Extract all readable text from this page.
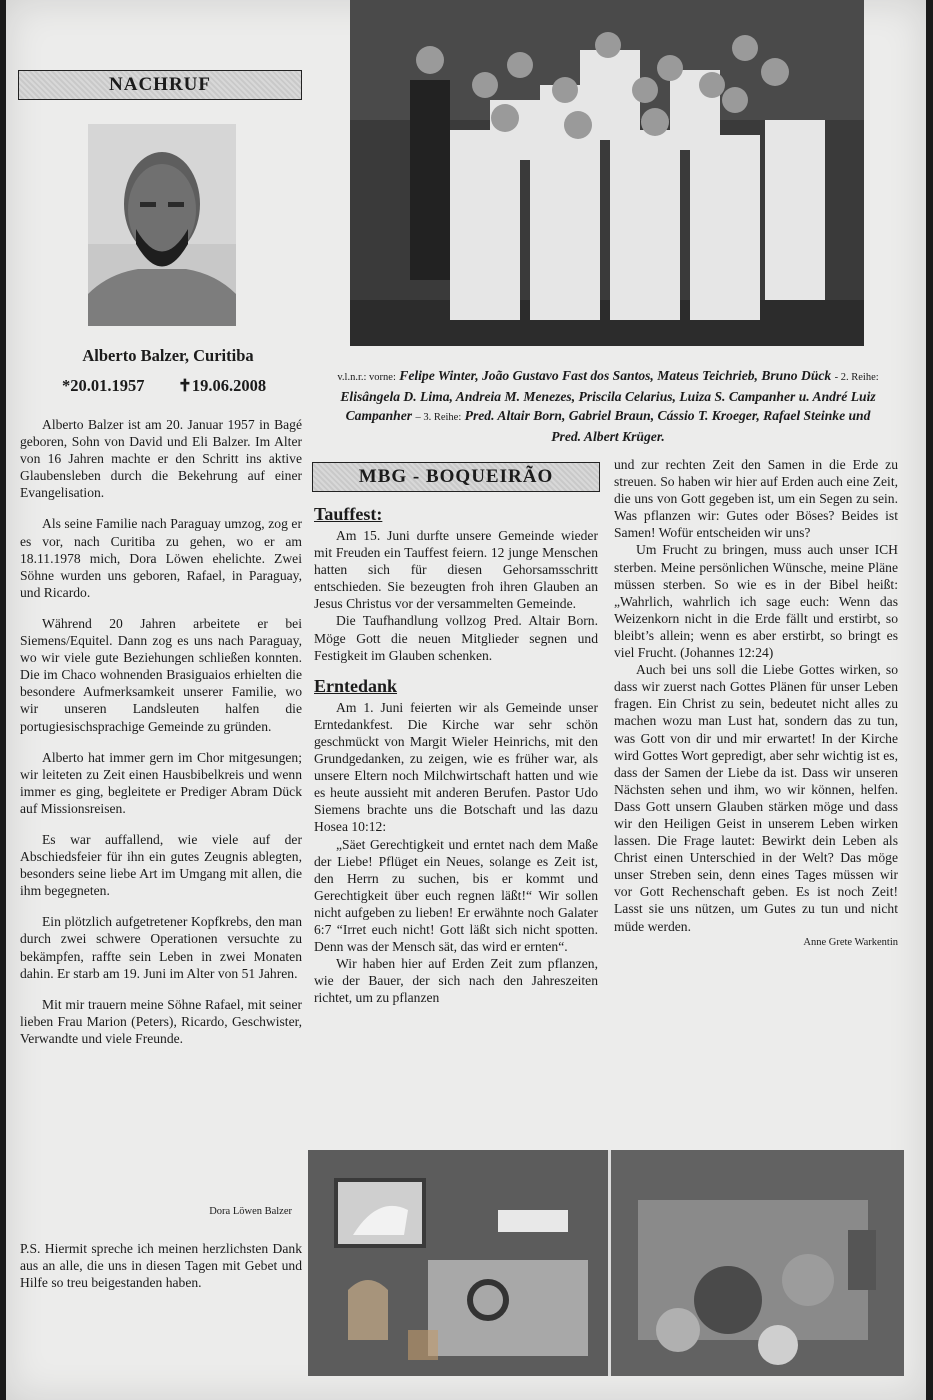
NACHRUF
Alberto Balzer, Curitiba
*20.01.1957 ✝19.06.2008

Alberto Balzer ist am 20. Januar 1957 in Bagé geboren, Sohn von David und Eli Balzer. Im Alter von 16 Jahren machte er den Schritt ins aktive Glaubensleben durch die Bekehrung auf einer Evangelisation.

Als seine Familie nach Paraguay umzog, zog er es vor, nach Curitiba zu gehen, wo er am 18.11.1978 mich, Dora Löwen ehelichte. Zwei Söhne wurden uns geboren, Rafael, in Paraguay, und Ricardo.

Während 20 Jahren arbeitete er bei Siemens/Equitel. Dann zog es uns nach Paraguay, wo wir viele gute Beziehungen schließen konnten. Die im Chaco wohnenden Brasiguaios erhielten die besondere Aufmerksamkeit unserer Familie, wo wir unseren Landsleuten halfen die portugiesischsprachige Gemeinde zu gründen.

Alberto hat immer gern im Chor mitgesungen; wir leiteten zu Zeit einen Hausbibelkreis und wenn immer es ging, begleitete er Prediger Abram Dück auf Missionsreisen.

Es war auffallend, wie viele auf der Abschiedsfeier für ihn ein gutes Zeugnis ablegten, besonders seine liebe Art im Umgang mit allen, die ihm begegneten.

Ein plötzlich aufgetretener Kopfkrebs, den man durch zwei schwere Operationen versuchte zu bekämpfen, raffte sein Leben in zwei Monaten dahin. Er starb am 19. Juni im Alter von 51 Jahren.

Mit mir trauern meine Söhne Rafael, mit seiner lieben Frau Marion (Peters), Ricardo, Geschwister, Verwandte und viele Freunde.

Dora Löwen Balzer

P.S. Hiermit spreche ich meinen herzlichsten Dank aus an alle, die uns in diesen Tagen mit Gebet und Hilfe so treu beigestanden haben.

v.l.n.r.: vorne: Felipe Winter, João Gustavo Fast dos Santos, Mateus Teichrieb, Bruno Dück - 2. Reihe: Elisângela D. Lima, Andreia M. Menezes, Priscila Celarius, Luiza S. Campanher u. André Luiz Campanher – 3. Reihe: Pred. Altair Born, Gabriel Braun, Cássio T. Kroeger, Rafael Steinke und Pred. Albert Krüger.
MBG - BOQUEIRÃO
Tauffest:

Am 15. Juni durfte unsere Gemeinde wieder mit Freuden ein Tauffest feiern. 12 junge Menschen hatten sich für diesen Gehorsamsschritt entschieden. Sie bezeugten froh ihren Glauben an Jesus Christus vor der versammelten Gemeinde.

Die Taufhandlung vollzog Pred. Altair Born. Möge Gott die neuen Mitglieder segnen und Festigkeit im Glauben schenken.

Erntedank

Am 1. Juni feierten wir als Gemeinde unser Erntedankfest. Die Kirche war sehr schön geschmückt von Margit Wieler Heinrichs, mit den Grundgedanken, zu zeigen, wie es früher war, als unsere Eltern noch Milchwirtschaft hatten und wie es heute aussieht mit anderen Berufen. Pastor Udo Siemens brachte uns die Botschaft und las dazu Hosea 10:12:

„Säet Gerechtigkeit und erntet nach dem Maße der Liebe! Pflüget ein Neues, solange es Zeit ist, den Herrn zu suchen, bis er kommt und Gerechtigkeit über euch regnen läßt!“ Wir sollen nicht aufgeben zu lieben! Er erwähnte noch Galater 6:7 “Irret euch nicht! Gott läßt sich nicht spotten. Denn was der Mensch sät, das wird er ernten“.

Wir haben hier auf Erden Zeit zum pflanzen, wie der Bauer, der sich nach den Jahreszeiten richtet, um zu pflanzen

und zur rechten Zeit den Samen in die Erde zu streuen. So haben wir hier auf Erden auch eine Zeit, die uns von Gott gegeben ist, um ein Segen zu sein. Was pflanzen wir: Gutes oder Böses? Beides ist Samen! Wofür entscheiden wir uns?

Um Frucht zu bringen, muss auch unser ICH sterben. Meine persönlichen Wünsche, meine Pläne müssen sterben. So wie es in der Bibel heißt: „Wahrlich, wahrlich ich sage euch: Wenn das Weizenkorn nicht in die Erde fällt und erstirbt, so bleibt’s allein; wenn es aber erstirbt, so bringt es viel Frucht. (Johannes 12:24)

Auch bei uns soll die Liebe Gottes wirken, so dass wir zuerst nach Gottes Plänen für unser Leben fragen. Ein Christ zu sein, bedeutet nicht alles zu machen wozu man Lust hat, sondern das zu tun, was Gott von dir und mir erwartet! In der Kirche wird Gottes Wort gepredigt, aber sehr wichtig ist es, dass der Samen der Liebe da ist. Dass wir unseren Nächsten sehen und ihm, wo wir können, helfen. Dass Gott unsern Glauben stärken möge und dass wir den Heiligen Geist in unserem Leben wirken lassen. Die Frage lautet: Bewirkt dein Leben als Christ einen Unterschied in der Welt? Das möge unser Streben sein, denn eines Tages müssen wir vor Gott Rechenschaft geben. Es ist noch Zeit! Lasst sie uns nützen, um Gutes zu tun und nicht müde werden.

Anne Grete Warkentin
